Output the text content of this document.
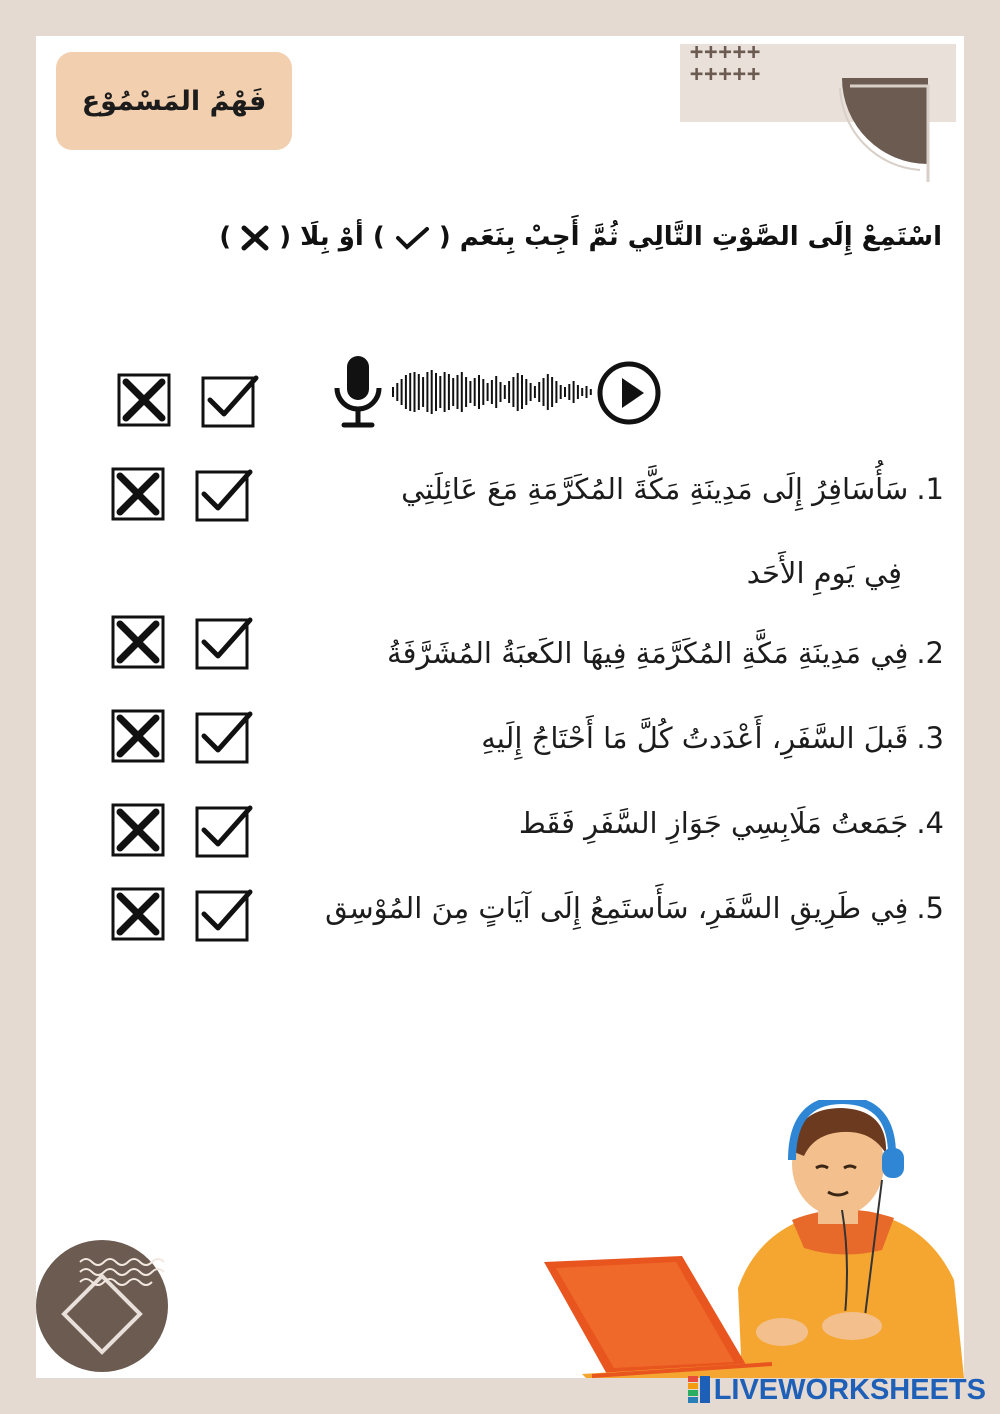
فَهْمُ المَسْمُوْع
+++++
+++++
اسْتَمِعْ إِلَى الصَّوْتِ التَّالِي ثُمَّ أَجِبْ بِنَعَم (  ) أوْ بِلَا (  )
1.سَأُسَافِرُ إِلَى مَدِينَةِ مَكَّةَ المُكَرَّمَةِ مَعَ عَائِلَتِي
فِي يَومِ الأَحَد
2.فِي مَدِينَةِ مَكَّةِ المُكَرَّمَةِ فِيهَا الكَعبَةُ المُشَرَّفَةُ
3.قَبلَ السَّفَرِ، أَعْدَدتُ كُلَّ مَا أَحْتَاجُ إِلَيهِ
4.جَمَعتُ مَلَابِسِي جَوَازِ السَّفَرِ فَقَط
5.فِي طَرِيقِ السَّفَرِ، سَأَستَمِعُ إِلَى آيَاتٍ مِنَ المُوْسِق
LIVEWORKSHEETS
